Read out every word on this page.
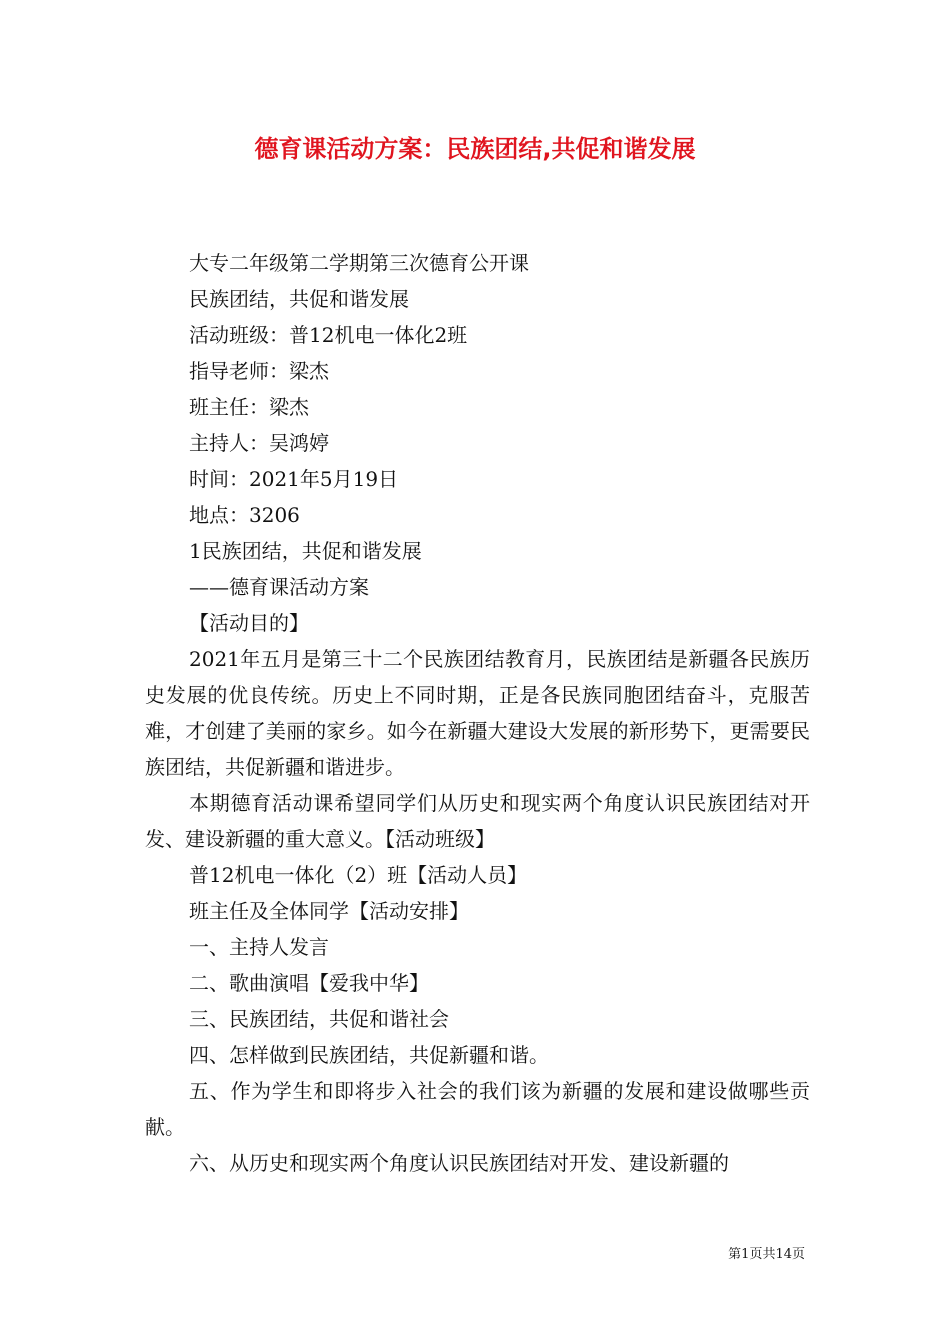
德育课活动方案：民族团结,共促和谐发展
大专二年级第二学期第三次德育公开课
民族团结，共促和谐发展
活动班级：普12机电一体化2班
指导老师：梁杰
班主任：梁杰
主持人：吴鸿婷
时间：2021年5月19日
地点：3206
1民族团结，共促和谐发展
——德育课活动方案
【活动目的】

2021年五月是第三十二个民族团结教育月，民族团结是新疆各民族历史发展的优良传统。历史上不同时期，正是各民族同胞团结奋斗，克服苦难，才创建了美丽的家乡。如今在新疆大建设大发展的新形势下，更需要民族团结，共促新疆和谐进步。

本期德育活动课希望同学们从历史和现实两个角度认识民族团结对开发、建设新疆的重大意义。【活动班级】

普12机电一体化（2）班【活动人员】
班主任及全体同学【活动安排】
一、主持人发言
二、歌曲演唱【爱我中华】
三、民族团结，共促和谐社会
四、怎样做到民族团结，共促新疆和谐。

五、作为学生和即将步入社会的我们该为新疆的发展和建设做哪些贡献。

六、从历史和现实两个角度认识民族团结对开发、建设新疆的

第1页共14页
